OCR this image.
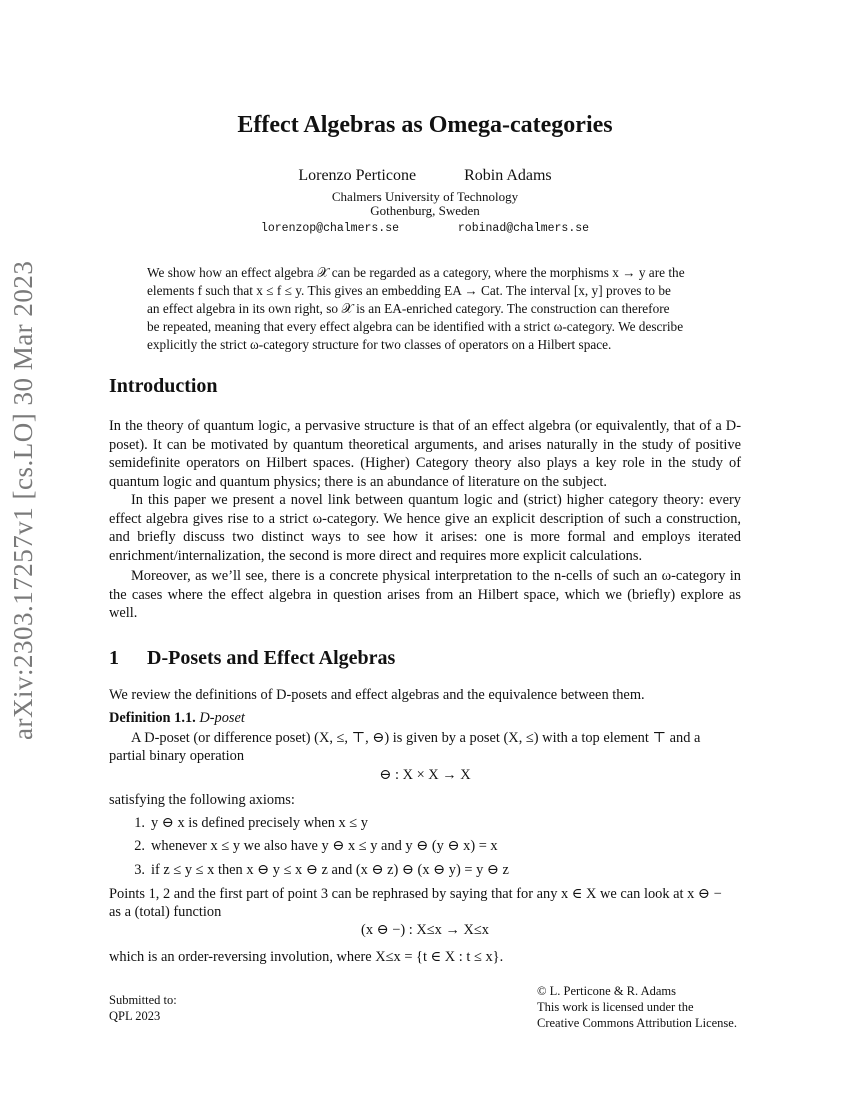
arXiv:2303.17257v1 [cs.LO] 30 Mar 2023
Effect Algebras as Omega-categories
Lorenzo Perticone	Robin Adams
Chalmers University of Technology
Gothenburg, Sweden
lorenzop@chalmers.se	robinad@chalmers.se
We show how an effect algebra 𝒳 can be regarded as a category, where the morphisms x → y are the
elements f such that x ≤ f ≤ y. This gives an embedding EA → Cat. The interval [x, y] proves to be
an effect algebra in its own right, so 𝒳 is an EA-enriched category. The construction can therefore
be repeated, meaning that every effect algebra can be identified with a strict ω-category. We describe
explicitly the strict ω-category structure for two classes of operators on a Hilbert space.
Introduction
In the theory of quantum logic, a pervasive structure is that of an effect algebra (or equivalently, that of a D-poset). It can be motivated by quantum theoretical arguments, and arises naturally in the study of positive semidefinite operators on Hilbert spaces. (Higher) Category theory also plays a key role in the study of quantum logic and quantum physics; there is an abundance of literature on the subject.
In this paper we present a novel link between quantum logic and (strict) higher category theory: every effect algebra gives rise to a strict ω-category. We hence give an explicit description of such a construction, and briefly discuss two distinct ways to see how it arises: one is more formal and employs iterated enrichment/internalization, the second is more direct and requires more explicit calculations.
Moreover, as we’ll see, there is a concrete physical interpretation to the n-cells of such an ω-category in the cases where the effect algebra in question arises from an Hilbert space, which we (briefly) explore as well.
1 D-Posets and Effect Algebras
We review the definitions of D-posets and effect algebras and the equivalence between them.
Definition 1.1. D-poset
A D-poset (or difference poset) (X, ≤, ⊤, ⊖) is given by a poset (X, ≤) with a top element ⊤ and a
partial binary operation
⊖ : X × X → X
satisfying the following axioms:
1. y ⊖ x is defined precisely when x ≤ y
2. whenever x ≤ y we also have y ⊖ x ≤ y and y ⊖ (y ⊖ x) = x
3. if z ≤ y ≤ x then x ⊖ y ≤ x ⊖ z and (x ⊖ z) ⊖ (x ⊖ y) = y ⊖ z
Points 1, 2 and the first part of point 3 can be rephrased by saying that for any x ∈ X we can look at x ⊖ −
as a (total) function
(x ⊖ −) : X≤x → X≤x
which is an order-reversing involution, where X≤x = {t ∈ X : t ≤ x}.
Submitted to:
QPL 2023
© L. Perticone & R. Adams
This work is licensed under the
Creative Commons Attribution License.
